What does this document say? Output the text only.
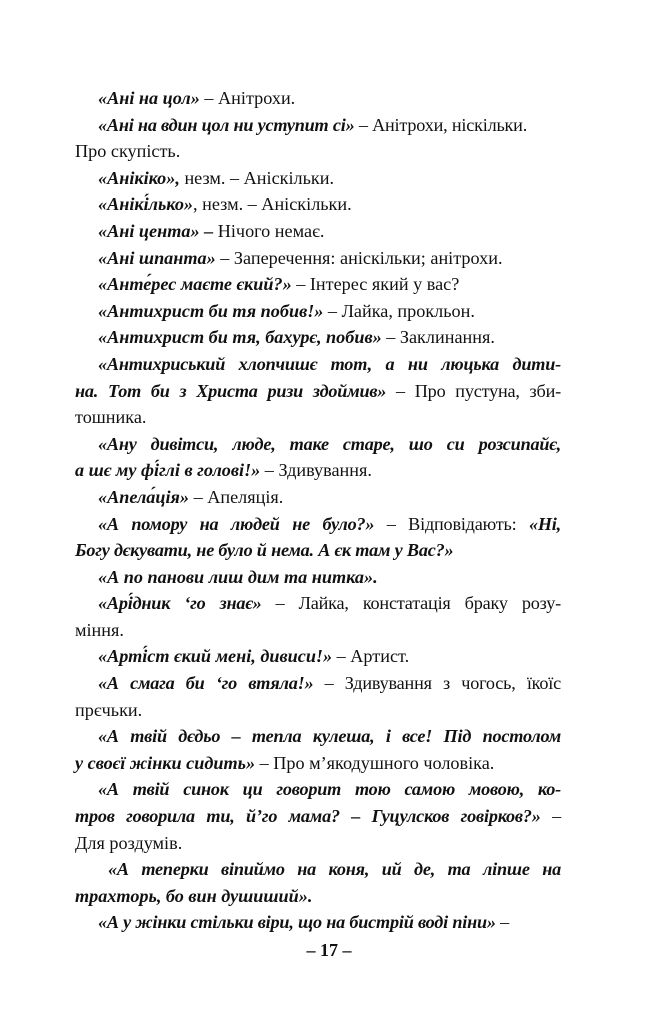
«Ані на цол» – Анітрохи.
«Ані на вдин цол ни уступит сі» – Анітрохи, ніскільки.
Про скупість.
«Анікіко», незм. – Аніскільки.
«Анікі́лько», незм. – Аніскільки.
«Ані цента» – Нічого немає.
«Ані шпанта» – Заперечення: аніскільки; анітрохи.
«Анте́рес маєте єкий?» – Інтерес який у вас?
«Антихрист би тя побив!» – Лайка, прокльон.
«Антихрист би тя, бахурє, побив» – Заклинання.
«Антихриський хлопчишє тот, а ни люцька дити-
на. Тот би з Христа ризи здоймив» – Про пустуна, зби-
тошника.
«Ану дивітси, люде, таке старе, шо си розсипайє,
а шє му фі́глі в голові!» – Здивування.
«Апела́ція» – Апеляція.
«А помору на людей не було?» – Відповідають: «Ні,
Богу дєкувати, не було й нема. А єк там у Вас?»
«А по панови лиш дим та нитка».
«Арі́дник ‘го знає» – Лайка, констатація браку розу-
міння.
«Арті́ст єкий мені, дивиси!» – Артист.
«А смага би ‘го втяла!» – Здивування з чогось, їкоїс
прєчьки.
«А твій дєдьо – тепла кулеша, і все! Під постолом
у своєї жінки сидить» – Про м’якодушного чоловіка.
«А твій синок ци говорит тою самою мовою, ко-
тров говорила ти, й’го мама? – Гуцулсков говірков?» –
Для роздумів.
«А теперки віпиймо на коня, ий де, та ліпше на
трахторь, бо вин душиший».
«А у жінки стільки віри, що на бистрій воді піни» –
– 17 –
